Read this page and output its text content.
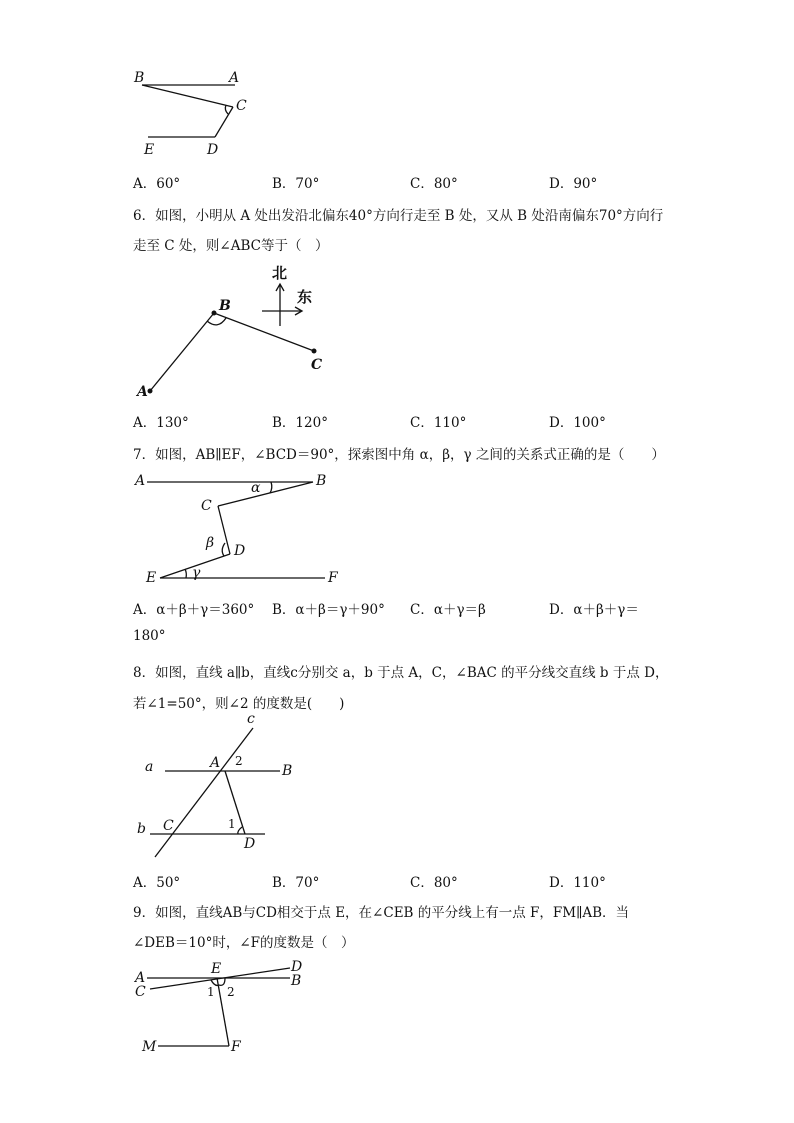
B	A
C
E	D
A．60°	B．70°	C．80°	D．90°
6．如图，小明从 A 处出发沿北偏东40°方向行走至 B 处，又从 B 处沿南偏东70°方向行
走至 C 处，则∠ABC等于（　）
A
B
C
北
东
A．130°	B．120°	C．110°	D．100°
7．如图，AB∥EF，∠BCD＝90°，探索图中角 α，β，γ 之间的关系式正确的是（　　）
A	B
C
D
E	F
α
β
γ
A．α＋β＋γ＝360° B．α＋β＝γ＋90° C．α＋γ＝β	D．α＋β＋γ＝
180°
8．如图，直线 a∥b，直线c分别交 a，b 于点 A，C，∠BAC 的平分线交直线 b 于点 D，
若∠1=50°，则∠2 的度数是(　　)
c
a	A 2
B
b C	1
D
A．50°	B．70°	C．80°	D．110°
9．如图，直线AB与CD相交于点 E，在∠CEB 的平分线上有一点 F，FM∥AB．当
∠DEB＝10°时，∠F的度数是（　）
A
E	D
C
B
1 2
M	F
